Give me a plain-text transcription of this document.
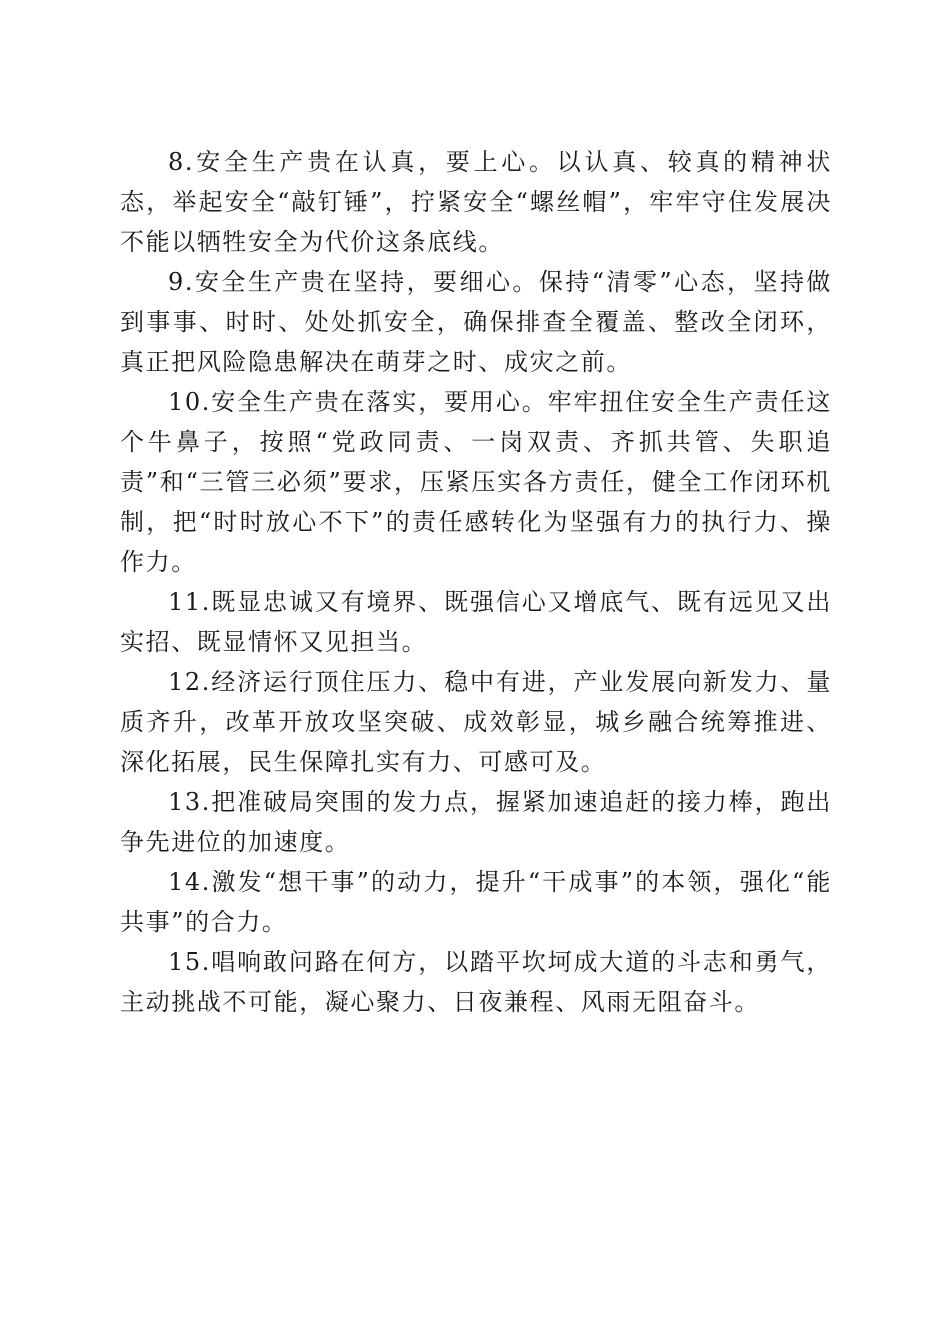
8.安全生产贵在认真，要上心。以认真、较真的精神状态，举起安全“敲钉锤”，拧紧安全“螺丝帽”，牢牢守住发展决不能以牺牲安全为代价这条底线。

9.安全生产贵在坚持，要细心。保持“清零”心态，坚持做到事事、时时、处处抓安全，确保排查全覆盖、整改全闭环，真正把风险隐患解决在萌芽之时、成灾之前。

10.安全生产贵在落实，要用心。牢牢扭住安全生产责任这个牛鼻子，按照“党政同责、一岗双责、齐抓共管、失职追责”和“三管三必须”要求，压紧压实各方责任，健全工作闭环机制，把“时时放心不下”的责任感转化为坚强有力的执行力、操作力。

11.既显忠诚又有境界、既强信心又增底气、既有远见又出实招、既显情怀又见担当。

12.经济运行顶住压力、稳中有进，产业发展向新发力、量质齐升，改革开放攻坚突破、成效彰显，城乡融合统筹推进、深化拓展，民生保障扎实有力、可感可及。

13.把准破局突围的发力点，握紧加速追赶的接力棒，跑出争先进位的加速度。

14.激发“想干事”的动力，提升“干成事”的本领，强化“能共事”的合力。

15.唱响敢问路在何方，以踏平坎坷成大道的斗志和勇气，主动挑战不可能，凝心聚力、日夜兼程、风雨无阻奋斗。
